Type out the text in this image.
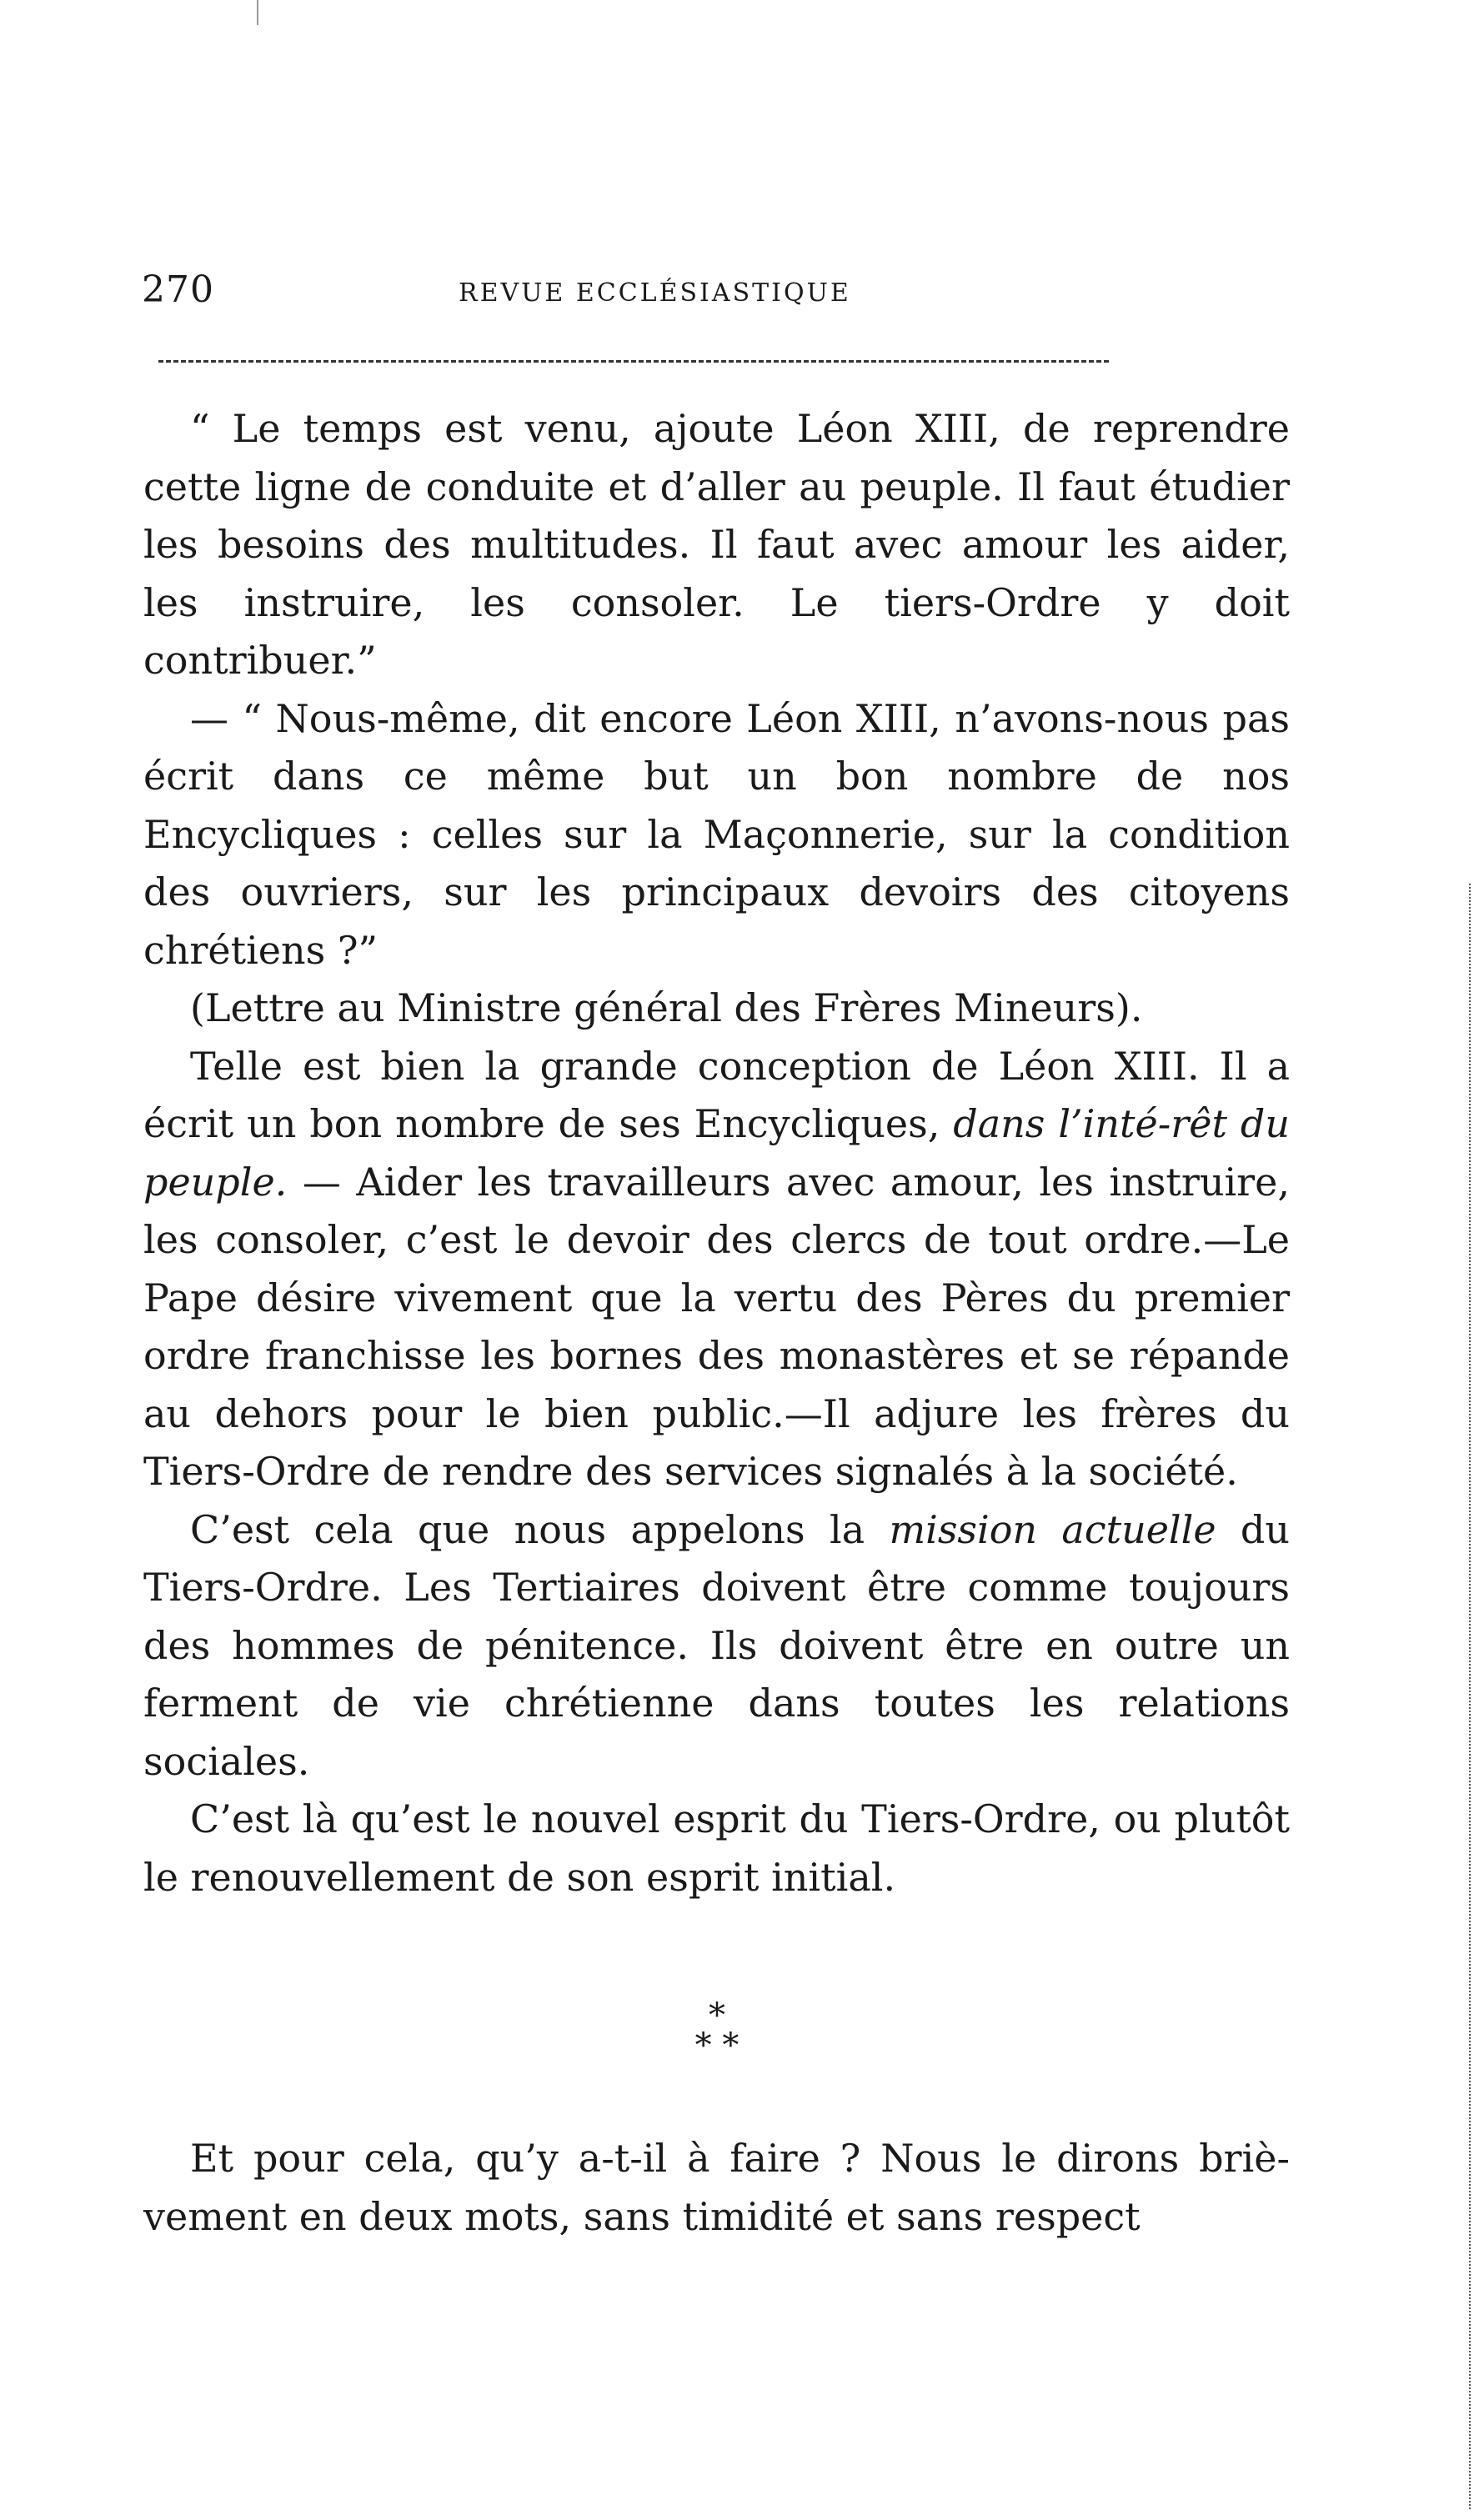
270	REVUE ECCLÉSIASTIQUE

“ Le temps est venu, ajoute Léon XIII, de reprendre cette ligne de conduite et d’aller au peuple. Il faut étudier les besoins des multitudes. Il faut avec amour les aider, les instruire, les consoler. Le tiers-Ordre y doit contribuer.”

— “ Nous-même, dit encore Léon XIII, n’avons-nous pas écrit dans ce même but un bon nombre de nos Encycliques : celles sur la Maçonnerie, sur la condition des ouvriers, sur les principaux devoirs des citoyens chrétiens ?”

(Lettre au Ministre général des Frères Mineurs).

Telle est bien la grande conception de Léon XIII. Il a écrit un bon nombre de ses Encycliques, dans l’inté-rêt du peuple. — Aider les travailleurs avec amour, les instruire, les consoler, c’est le devoir des clercs de tout ordre.—Le Pape désire vivement que la vertu des Pères du premier ordre franchisse les bornes des monastères et se répande au dehors pour le bien public.—Il adjure les frères du Tiers-Ordre de rendre des services signalés à la société.

C’est cela que nous appelons la mission actuelle du Tiers-Ordre. Les Tertiaires doivent être comme toujours des hommes de pénitence. Ils doivent être en outre un ferment de vie chrétienne dans toutes les relations sociales.

C’est là qu’est le nouvel esprit du Tiers-Ordre, ou plutôt le renouvellement de son esprit initial.

*
* *

Et pour cela, qu’y a-t-il à faire ? Nous le dirons briè-vement en deux mots, sans timidité et sans respect
